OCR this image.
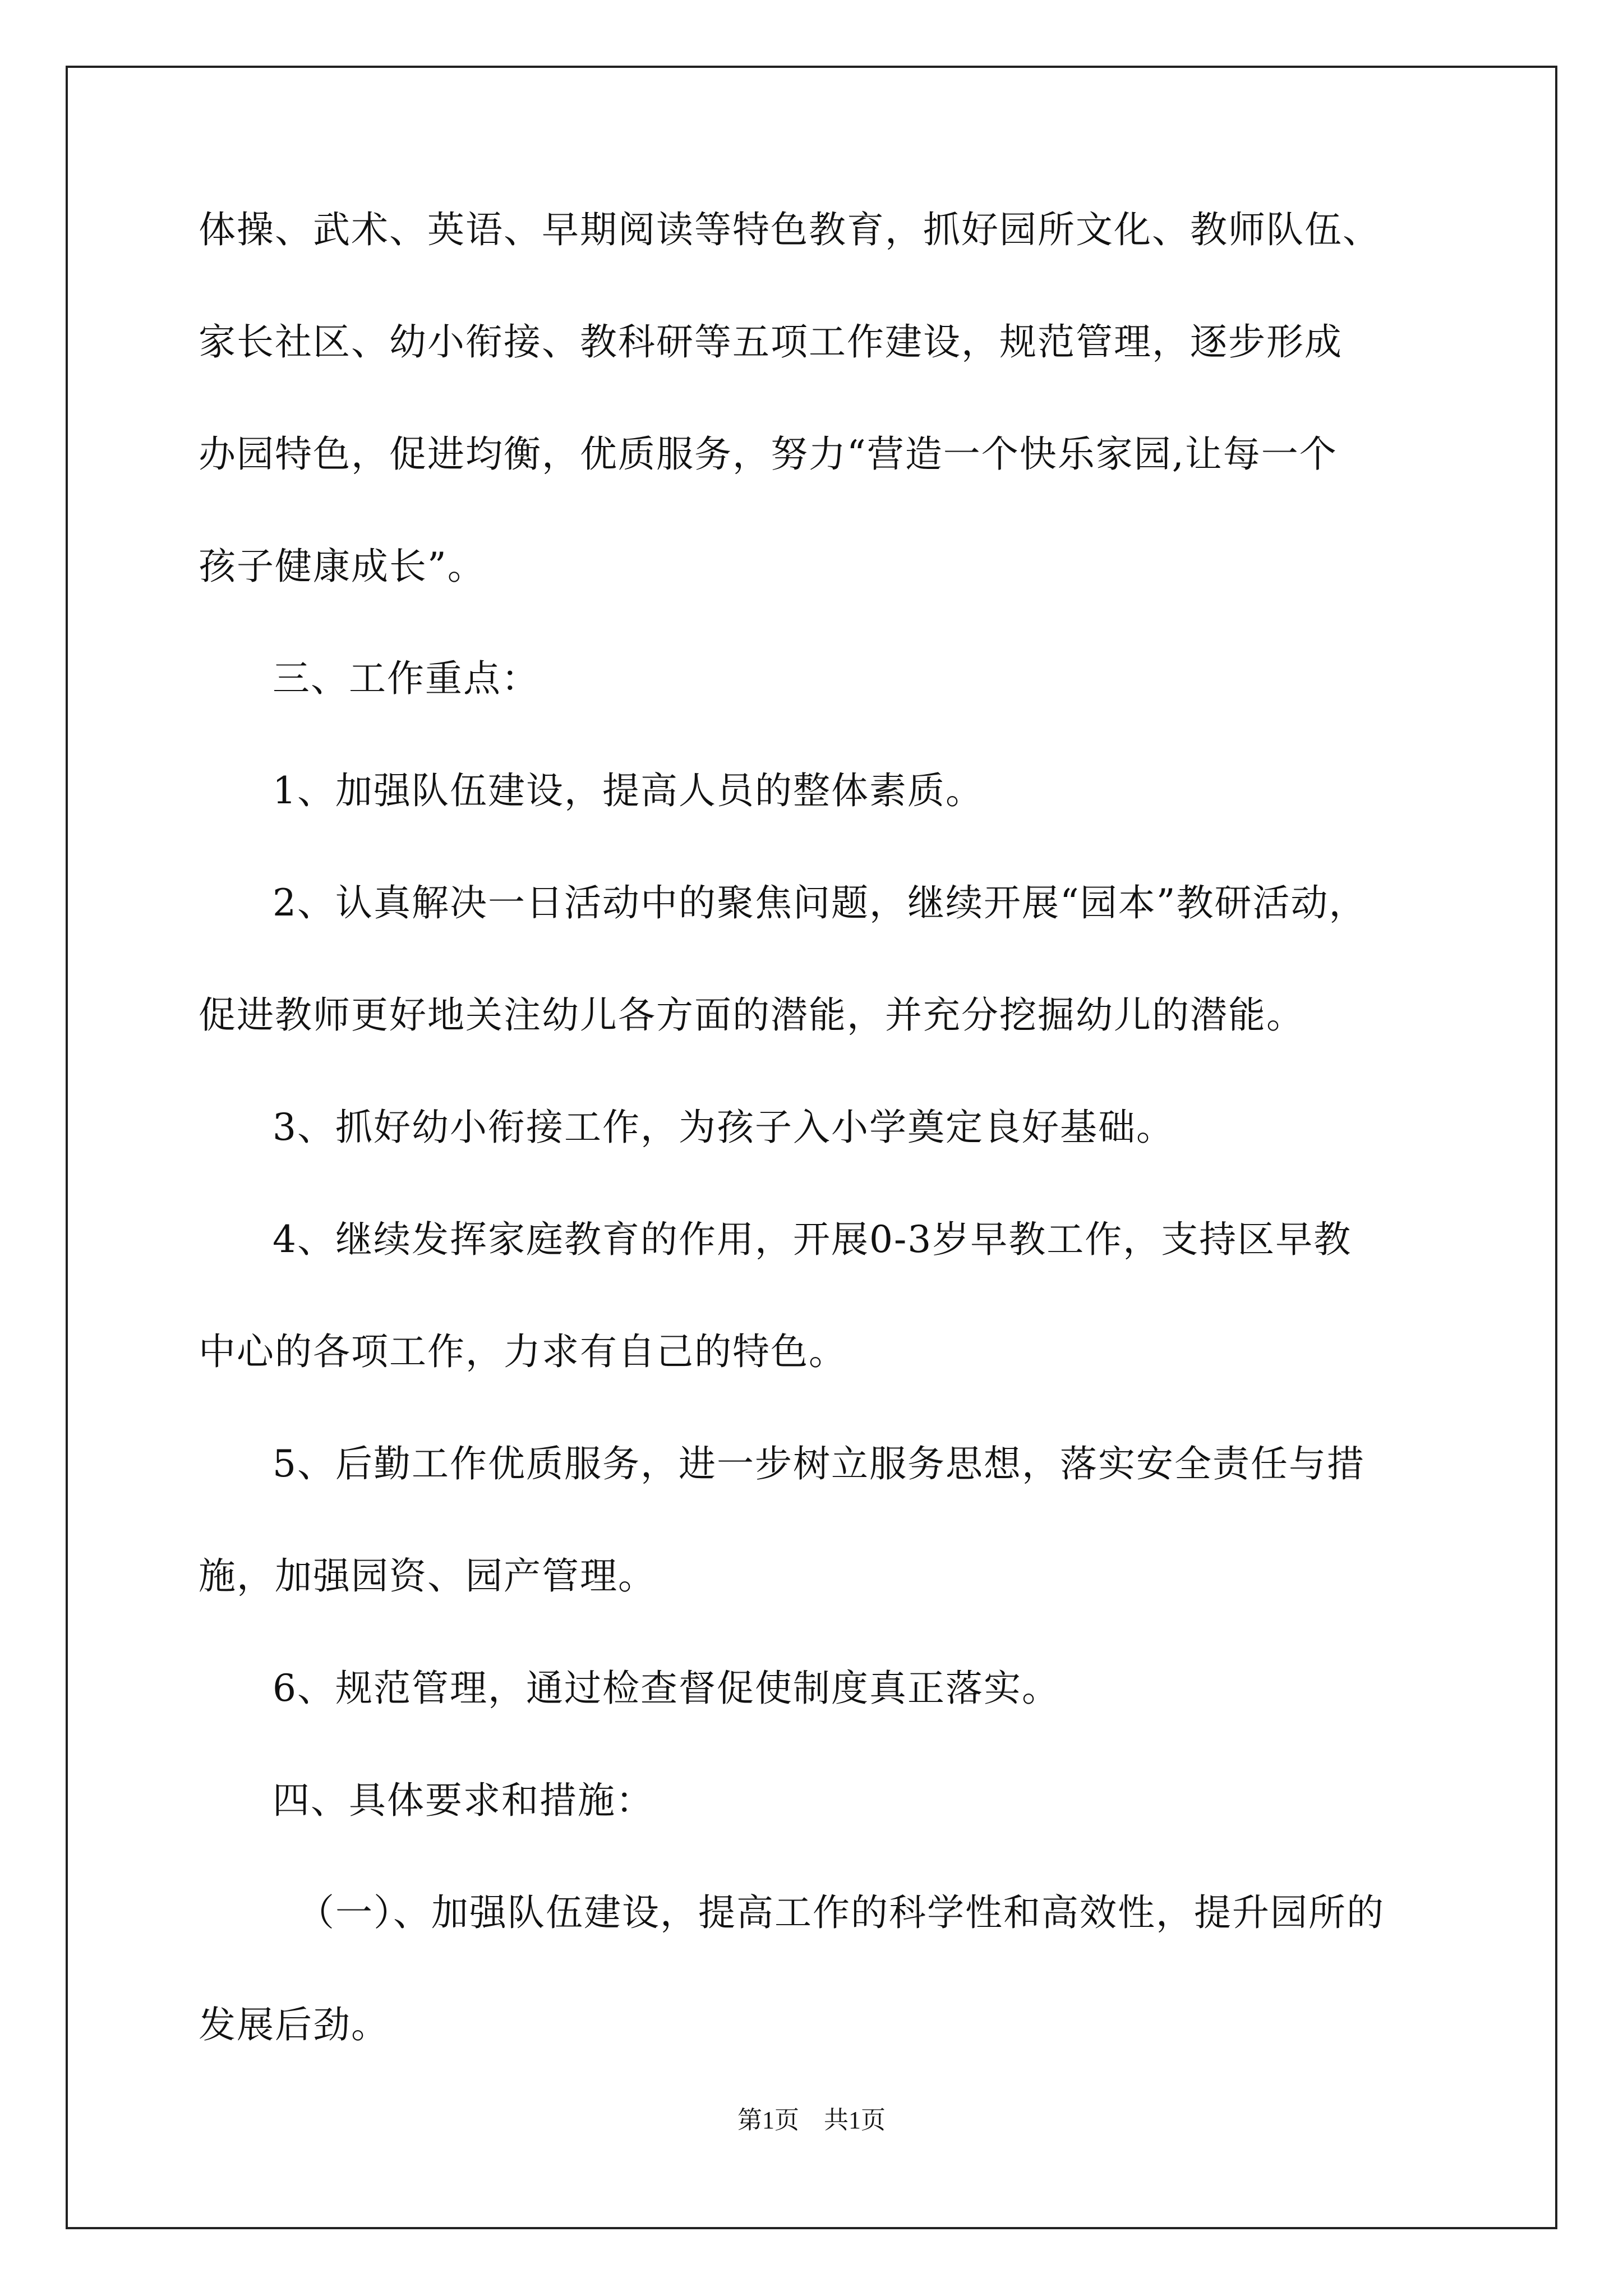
体操、武术、英语、早期阅读等特色教育，抓好园所文化、教师队伍、
家长社区、幼小衔接、教科研等五项工作建设，规范管理，逐步形成
办园特色，促进均衡，优质服务，努力“营造一个快乐家园,让每一个
孩子健康成长”。
三、工作重点：
1、加强队伍建设，提高人员的整体素质。
2、认真解决一日活动中的聚焦问题，继续开展“园本”教研活动，
促进教师更好地关注幼儿各方面的潜能，并充分挖掘幼儿的潜能。
3、抓好幼小衔接工作，为孩子入小学奠定良好基础。
4、继续发挥家庭教育的作用，开展0-3岁早教工作，支持区早教
中心的各项工作，力求有自己的特色。
5、后勤工作优质服务，进一步树立服务思想，落实安全责任与措
施，加强园资、园产管理。
6、规范管理，通过检查督促使制度真正落实。
四、具体要求和措施：
（一）、加强队伍建设，提高工作的科学性和高效性，提升园所的
发展后劲。
第1页　共1页
